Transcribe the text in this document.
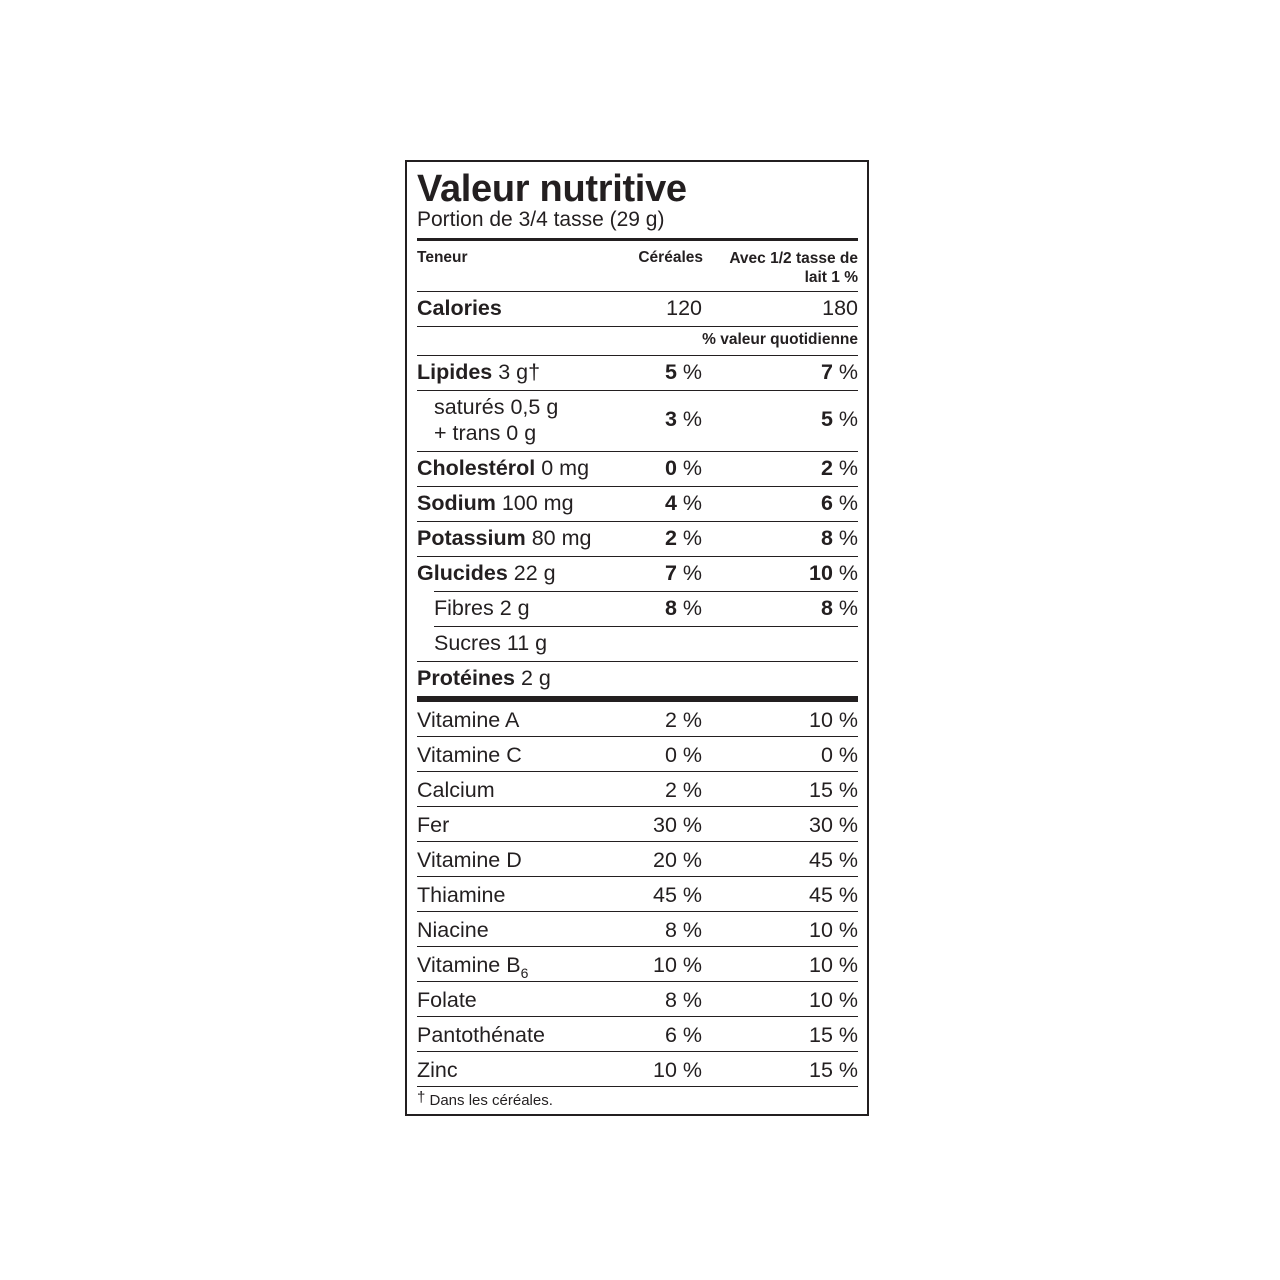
Valeur nutritive
Portion de 3/4 tasse (29 g)
Teneur	Céréales	Avec 1/2 tasse de
lait 1 %
Calories	120	180
% valeur quotidienne
Lipides 3 g†	5 %	7 %
saturés 0,5 g
+ trans 0 g
3 %	5 %
Cholestérol 0 mg	0 %	2 %
Sodium 100 mg	4 %	6 %
Potassium 80 mg	2 %	8 %
Glucides 22 g	7 %	10 %
Fibres 2 g	8 %	8 %
Sucres 11 g
Protéines 2 g
Vitamine A	2 %	10 %
Vitamine C	0 %	0 %
Calcium	2 %	15 %
Fer	30 %	30 %
Vitamine D	20 %	45 %
Thiamine	45 %	45 %
Niacine	8 %	10 %
Vitamine $B_6$	10 %	10 %
Folate	8 %	10 %
Pantothénate	6 %	15 %
Zinc	10 %	15 %
† Dans les céréales.
